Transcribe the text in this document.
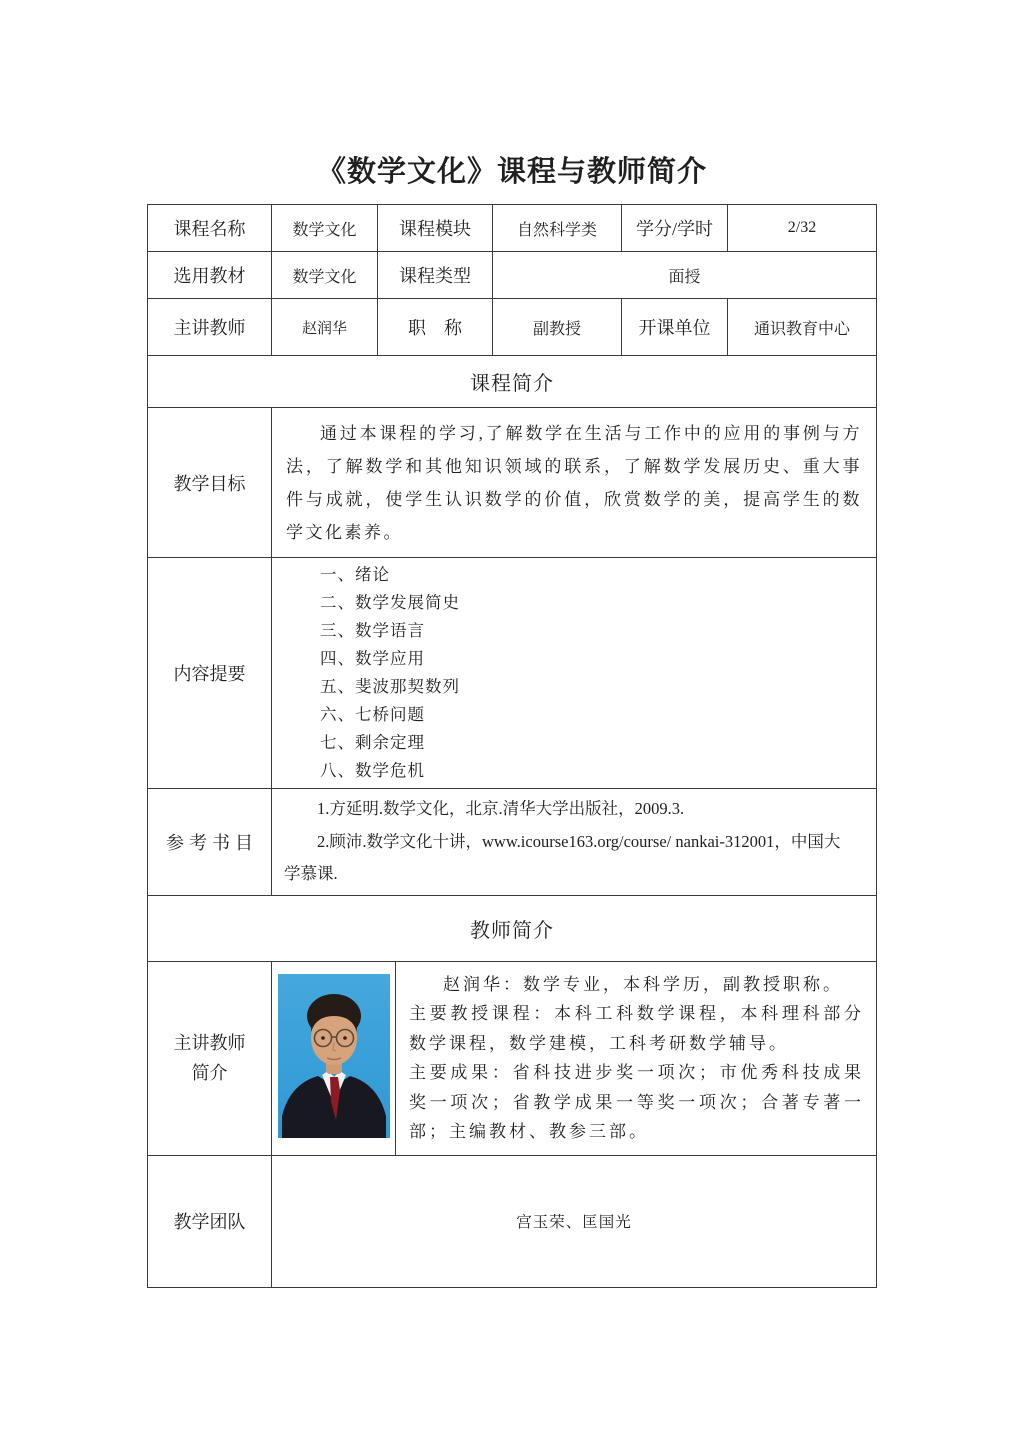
《数学文化》课程与教师简介
课程名称	数学文化	课程模块		自然科学类	学分/学时	2/32
选用教材	数学文化	课程类型		面授		
主讲教师	赵润华	职　称		副教授	开课单位	通识教育中心
课程简介						
教学目标	通过本课程的学习,了解数学在生活与工作中的应用的事例与方法，了解数学和其他知识领域的联系，了解数学发展历史、重大事件与成就，使学生认识数学的价值，欣赏数学的美，提高学生的数学文化素养。					

内容提要	
一、绪论
二、数学发展简史
三、数学语言
四、数学应用
五、斐波那契数列
六、七桥问题
七、剩余定理
八、数学危机

参考书目	1.方延明.数学文化，北京.清华大学出版社，2009.3.

2.顾沛.数学文化十讲，www.icourse163.org/course/ nankai-312001，中国大学慕课.					

教师简介						
主讲教师
简介		

赵润华：数学专业，本科学历，副教授职称。

主要教授课程：本科工科数学课程，本科理科部分数学课程，数学建模，工科考研数学辅导。

主要成果：省科技进步奖一项次；市优秀科技成果奖一项次；省教学成果一等奖一项次；合著专著一部；主编教材、教参三部。

教学团队	宫玉荣、匡国光					
